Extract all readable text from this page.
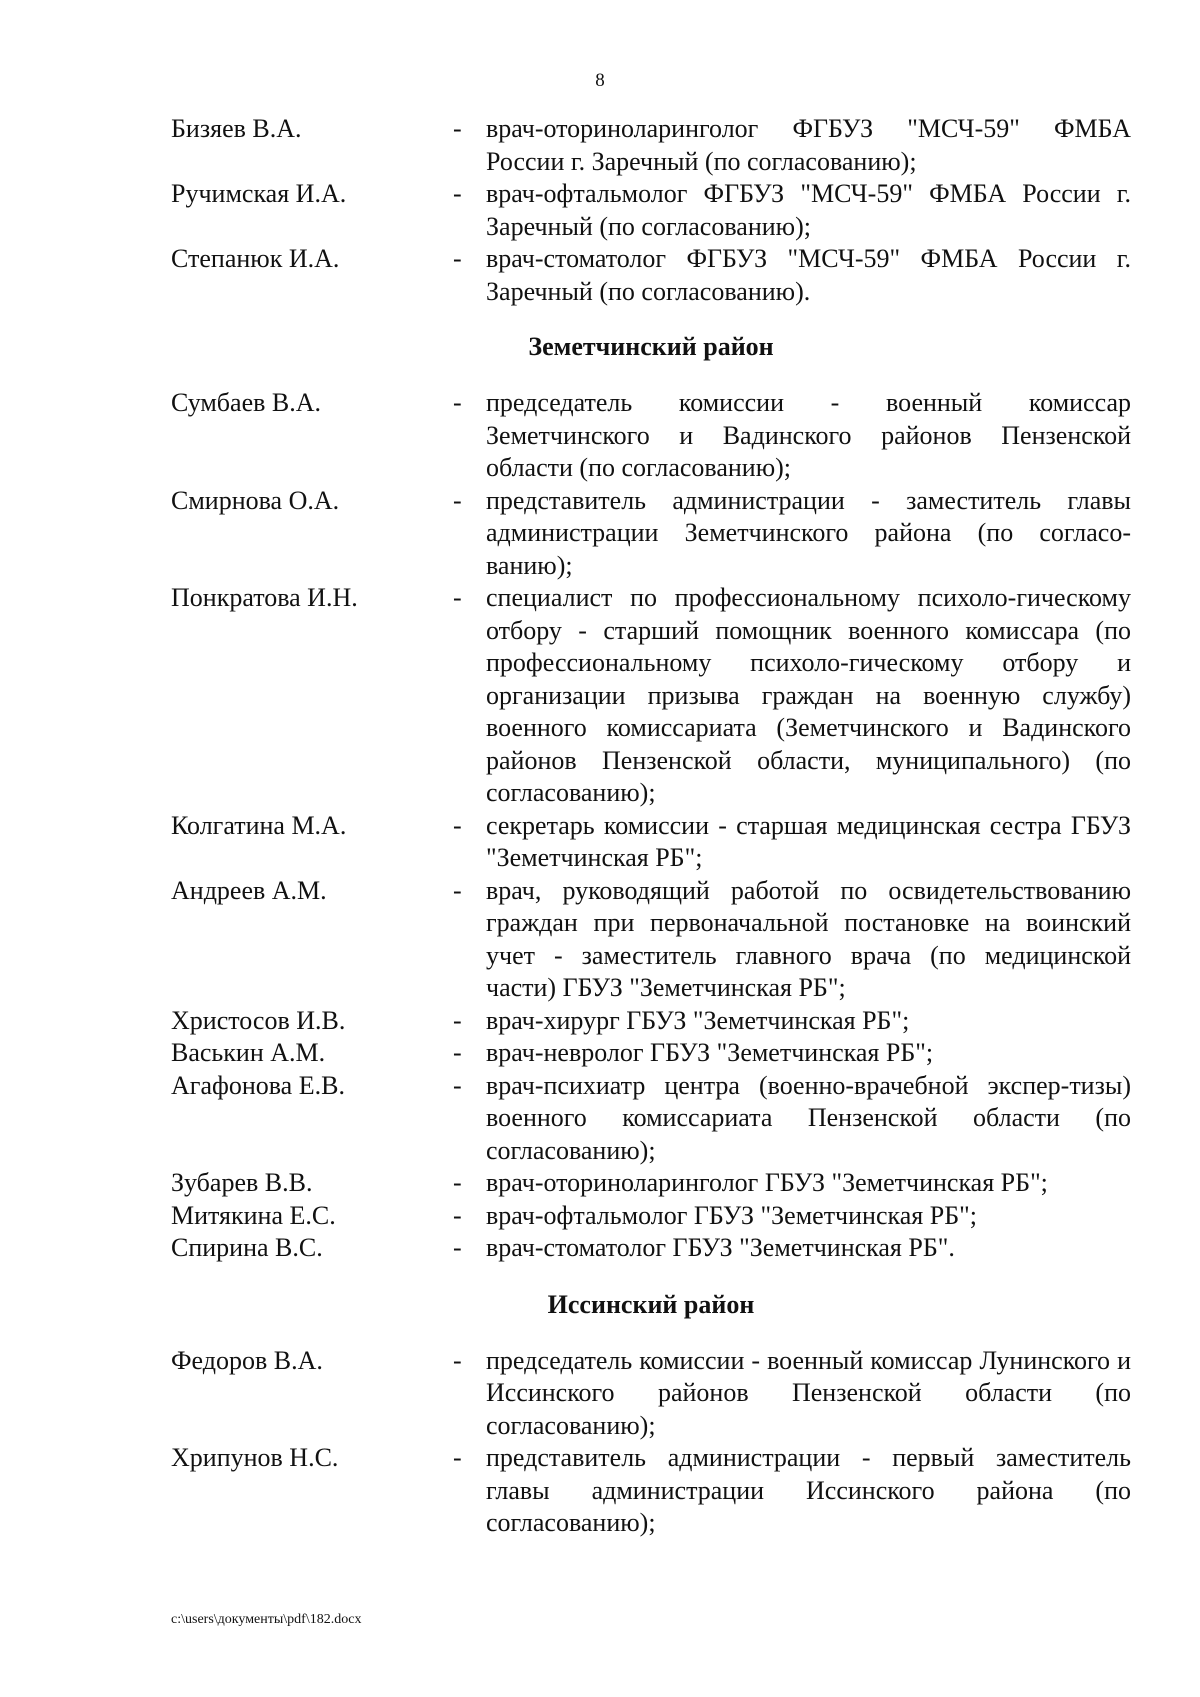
8
Бизяев В.А.	- врач-оториноларинголог ФГБУЗ "МСЧ-59" ФМБА России г. Заречный (по согласованию);
Ручимская И.А.	- врач-офтальмолог ФГБУЗ "МСЧ-59" ФМБА России г. Заречный (по согласованию);
Степанюк И.А.	- врач-стоматолог ФГБУЗ "МСЧ-59" ФМБА России г. Заречный (по согласованию).
Земетчинский район
Сумбаев В.А.	- председатель комиссии - военный комиссар Земетчинского и Вадинского районов Пензенской области (по согласованию);
Смирнова О.А.	- представитель администрации - заместитель главы администрации Земетчинского района (по согласо-ванию);
Понкратова И.Н.	- специалист по профессиональному психоло-гическому отбору - старший помощник военного комиссара (по профессиональному психоло-гическому отбору и организации призыва граждан на военную службу) военного комиссариата (Земетчинского и Вадинского районов Пензенской области, муниципального) (по согласованию);
Колгатина М.А.	- секретарь комиссии - старшая медицинская сестра ГБУЗ "Земетчинская РБ";
Андреев А.М.	- врач, руководящий работой по освидетельствованию граждан при первоначальной постановке на воинский учет - заместитель главного врача (по медицинской части) ГБУЗ "Земетчинская РБ";
Христосов И.В.	- врач-хирург ГБУЗ "Земетчинская РБ";
Васькин А.М.	- врач-невролог ГБУЗ "Земетчинская РБ";
Агафонова Е.В.	- врач-психиатр центра (военно-врачебной экспер-тизы) военного комиссариата Пензенской области (по согласованию);
Зубарев В.В.	- врач-оториноларинголог ГБУЗ "Земетчинская РБ";
Митякина Е.С.	- врач-офтальмолог ГБУЗ "Земетчинская РБ";
Спирина В.С.	- врач-стоматолог ГБУЗ "Земетчинская РБ".
Иссинский район
Федоров В.А.	- председатель комиссии - военный комиссар Лунинского и Иссинского районов Пензенской области (по согласованию);
Хрипунов Н.С.	- представитель администрации - первый заместитель главы администрации Иссинского района (по согласованию);
c:\users\документы\pdf\182.docx
